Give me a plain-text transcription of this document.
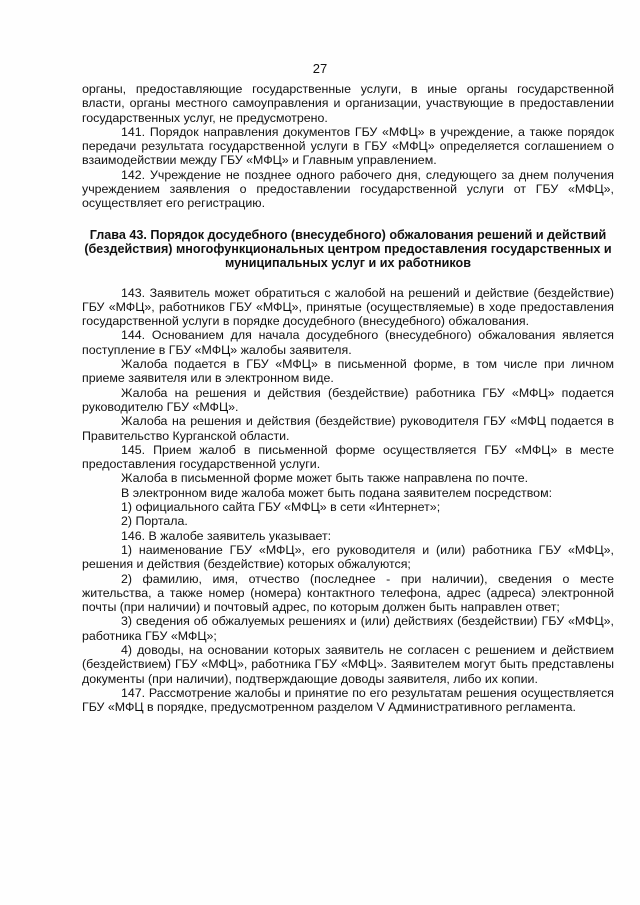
27

органы, предоставляющие государственные услуги, в иные органы государственной власти, органы местного самоуправления и организации, участвующие в предоставлении государственных услуг, не предусмотрено.

141. Порядок направления документов ГБУ «МФЦ» в учреждение, а также порядок передачи результата государственной услуги в ГБУ «МФЦ» определяется соглашением о взаимодействии между ГБУ «МФЦ» и Главным управлением.

142. Учреждение не позднее одного рабочего дня, следующего за днем получения учреждением заявления о предоставлении государственной услуги от ГБУ «МФЦ», осуществляет его регистрацию.

Глава 43. Порядок досудебного (внесудебного) обжалования решений и действий (бездействия) многофункциональных центром предоставления государственных и муниципальных услуг и их работников

143. Заявитель может обратиться с жалобой на решений и действие (бездействие) ГБУ «МФЦ», работников ГБУ «МФЦ», принятые (осуществляемые) в ходе предоставления государственной услуги в порядке досудебного (внесудебного) обжалования.

144. Основанием для начала досудебного (внесудебного) обжалования является поступление в ГБУ «МФЦ» жалобы заявителя.

Жалоба подается в ГБУ «МФЦ» в письменной форме, в том числе при личном приеме заявителя или в электронном виде.

Жалоба на решения и действия (бездействие) работника ГБУ «МФЦ» подается руководителю ГБУ «МФЦ».

Жалоба на решения и действия (бездействие) руководителя ГБУ «МФЦ подается в Правительство Курганской области.

145. Прием жалоб в письменной форме осуществляется ГБУ «МФЦ» в месте предоставления государственной услуги.

Жалоба в письменной форме может быть также направлена по почте.

В электронном виде жалоба может быть подана заявителем посредством:

1) официального сайта ГБУ «МФЦ» в сети «Интернет»;

2) Портала.

146. В жалобе заявитель указывает:

1) наименование ГБУ «МФЦ», его руководителя и (или) работника ГБУ «МФЦ», решения и действия (бездействие) которых обжалуются;

2) фамилию, имя, отчество (последнее - при наличии), сведения о месте жительства, а также номер (номера) контактного телефона, адрес (адреса) электронной почты (при наличии) и почтовый адрес, по которым должен быть направлен ответ;

3) сведения об обжалуемых решениях и (или) действиях (бездействии) ГБУ «МФЦ», работника ГБУ «МФЦ»;

4) доводы, на основании которых заявитель не согласен с решением и действием (бездействием) ГБУ «МФЦ», работника ГБУ «МФЦ». Заявителем могут быть представлены документы (при наличии), подтверждающие доводы заявителя, либо их копии.

147. Рассмотрение жалобы и принятие по его результатам решения осуществляется ГБУ «МФЦ в порядке, предусмотренном разделом V Административного регламента.
